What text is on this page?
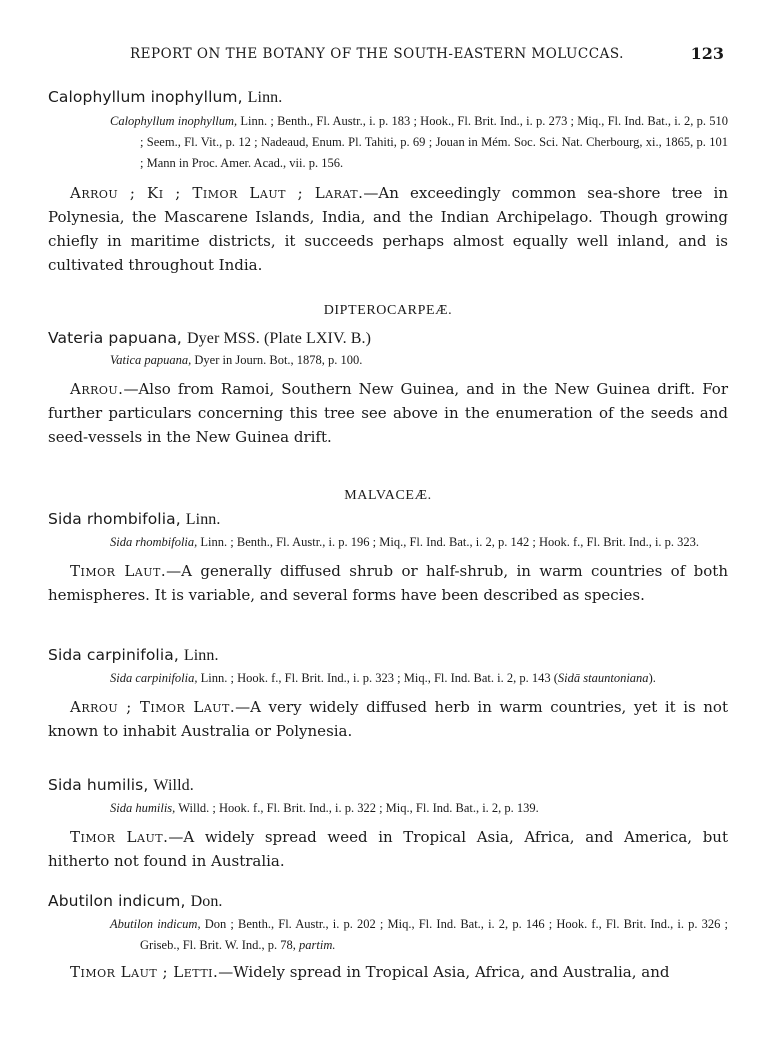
REPORT ON THE BOTANY OF THE SOUTH-EASTERN MOLUCCAS.	123
Calophyllum inophyllum, Linn.
Calophyllum inophyllum, Linn. ; Benth., Fl. Austr., i. p. 183 ; Hook., Fl. Brit. Ind., i. p. 273 ; Miq., Fl. Ind. Bat., i. 2, p. 510 ; Seem., Fl. Vit., p. 12 ; Nadeaud, Enum. Pl. Tahiti, p. 69 ; Jouan in Mém. Soc. Sci. Nat. Cherbourg, xi., 1865, p. 101 ; Mann in Proc. Amer. Acad., vii. p. 156.

Arrou ; Ki ; Timor Laut ; Larat.—An exceedingly common sea-shore tree in Polynesia, the Mascarene Islands, India, and the Indian Archipelago. Though growing chiefly in maritime districts, it succeeds perhaps almost equally well inland, and is cultivated throughout India.

DIPTEROCARPEÆ.
Vateria papuana, Dyer MSS. (Plate LXIV. B.)
Vatica papuana, Dyer in Journ. Bot., 1878, p. 100.

Arrou.—Also from Ramoi, Southern New Guinea, and in the New Guinea drift. For further particulars concerning this tree see above in the enumeration of the seeds and seed-vessels in the New Guinea drift.

MALVACEÆ.
Sida rhombifolia, Linn.
Sida rhombifolia, Linn. ; Benth., Fl. Austr., i. p. 196 ; Miq., Fl. Ind. Bat., i. 2, p. 142 ; Hook. f., Fl. Brit. Ind., i. p. 323.

Timor Laut.—A generally diffused shrub or half-shrub, in warm countries of both hemispheres. It is variable, and several forms have been described as species.

Sida carpinifolia, Linn.
Sida carpinifolia, Linn. ; Hook. f., Fl. Brit. Ind., i. p. 323 ; Miq., Fl. Ind. Bat. i. 2, p. 143 (Sidā stauntoniana).

Arrou ; Timor Laut.—A very widely diffused herb in warm countries, yet it is not known to inhabit Australia or Polynesia.

Sida humilis, Willd.
Sida humilis, Willd. ; Hook. f., Fl. Brit. Ind., i. p. 322 ; Miq., Fl. Ind. Bat., i. 2, p. 139.

Timor Laut.—A widely spread weed in Tropical Asia, Africa, and America, but hitherto not found in Australia.

Abutilon indicum, Don.
Abutilon indicum, Don ; Benth., Fl. Austr., i. p. 202 ; Miq., Fl. Ind. Bat., i. 2, p. 146 ; Hook. f., Fl. Brit. Ind., i. p. 326 ; Griseb., Fl. Brit. W. Ind., p. 78, partim.

Timor Laut ; Letti.—Widely spread in Tropical Asia, Africa, and Australia, and
